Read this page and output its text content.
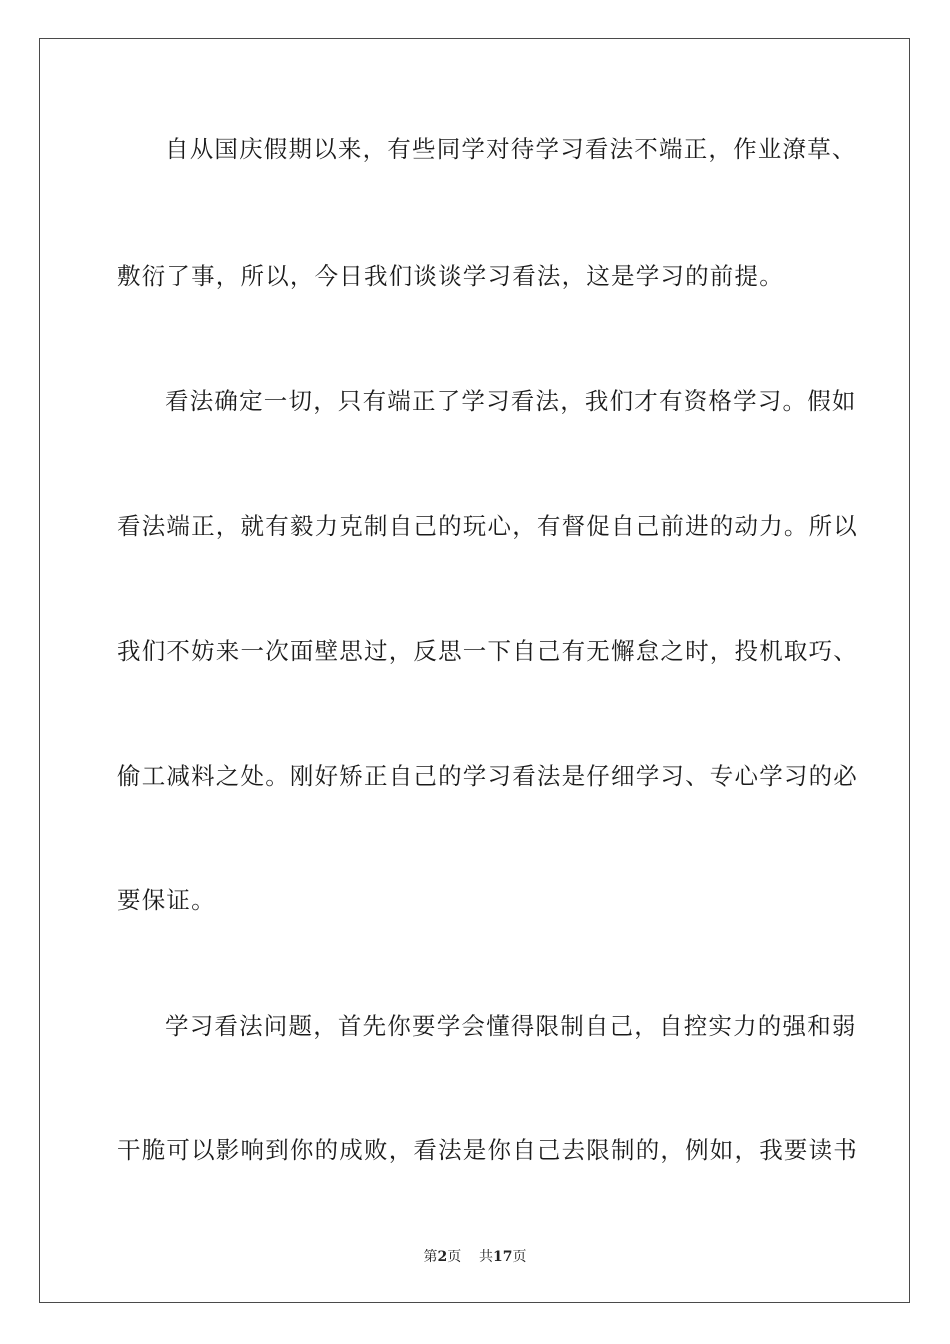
自从国庆假期以来，有些同学对待学习看法不端正，作业潦草、
敷衍了事，所以，今日我们谈谈学习看法，这是学习的前提。
看法确定一切，只有端正了学习看法，我们才有资格学习。假如
看法端正，就有毅力克制自己的玩心，有督促自己前进的动力。所以
我们不妨来一次面壁思过，反思一下自己有无懈怠之时，投机取巧、
偷工减料之处。刚好矫正自己的学习看法是仔细学习、专心学习的必
要保证。
学习看法问题，首先你要学会懂得限制自己，自控实力的强和弱
干脆可以影响到你的成败，看法是你自己去限制的，例如，我要读书
第2页 共17页
